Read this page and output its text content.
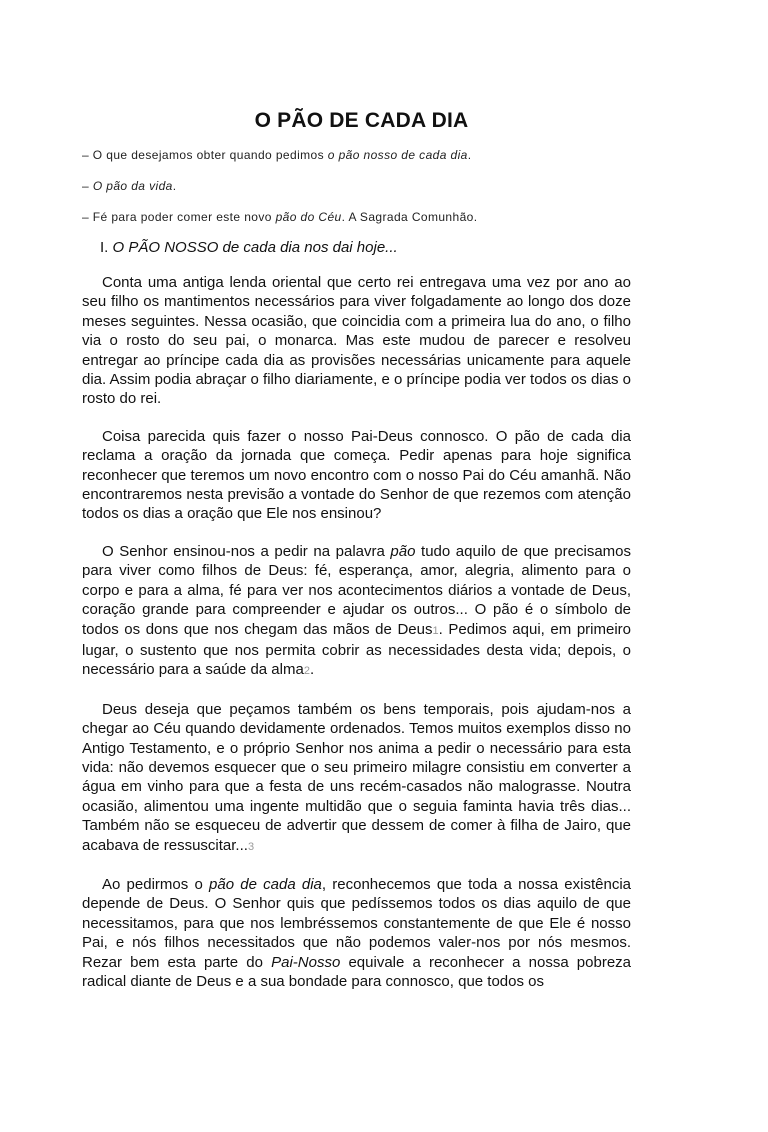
O PÃO DE CADA DIA
– O que desejamos obter quando pedimos o pão nosso de cada dia.
– O pão da vida.
– Fé para poder comer este novo pão do Céu. A Sagrada Comunhão.

I. O PÃO NOSSO de cada dia nos dai hoje...

Conta uma antiga lenda oriental que certo rei entregava uma vez por ano ao seu filho os mantimentos necessários para viver folgadamente ao longo dos doze meses seguintes. Nessa ocasião, que coincidia com a primeira lua do ano, o filho via o rosto do seu pai, o monarca. Mas este mudou de parecer e resolveu entregar ao príncipe cada dia as provisões necessárias unicamente para aquele dia. Assim podia abraçar o filho diariamente, e o príncipe podia ver todos os dias o rosto do rei.

Coisa parecida quis fazer o nosso Pai-Deus connosco. O pão de cada dia reclama a oração da jornada que começa. Pedir apenas para hoje significa reconhecer que teremos um novo encontro com o nosso Pai do Céu amanhã. Não encontraremos nesta previsão a vontade do Senhor de que rezemos com atenção todos os dias a oração que Ele nos ensinou?

O Senhor ensinou-nos a pedir na palavra pão tudo aquilo de que precisamos para viver como filhos de Deus: fé, esperança, amor, alegria, alimento para o corpo e para a alma, fé para ver nos acontecimentos diários a vontade de Deus, coração grande para compreender e ajudar os outros... O pão é o símbolo de todos os dons que nos chegam das mãos de Deus1. Pedimos aqui, em primeiro lugar, o sustento que nos permita cobrir as necessidades desta vida; depois, o necessário para a saúde da alma2.

Deus deseja que peçamos também os bens temporais, pois ajudam-nos a chegar ao Céu quando devidamente ordenados. Temos muitos exemplos disso no Antigo Testamento, e o próprio Senhor nos anima a pedir o necessário para esta vida: não devemos esquecer que o seu primeiro milagre consistiu em converter a água em vinho para que a festa de uns recém-casados não malograsse. Noutra ocasião, alimentou uma ingente multidão que o seguia faminta havia três dias... Também não se esqueceu de advertir que dessem de comer à filha de Jairo, que acabava de ressuscitar...3

Ao pedirmos o pão de cada dia, reconhecemos que toda a nossa existência depende de Deus. O Senhor quis que pedíssemos todos os dias aquilo de que necessitamos, para que nos lembréssemos constantemente de que Ele é nosso Pai, e nós filhos necessitados que não podemos valer-nos por nós mesmos. Rezar bem esta parte do Pai-Nosso equivale a reconhecer a nossa pobreza radical diante de Deus e a sua bondade para connosco, que todos os
